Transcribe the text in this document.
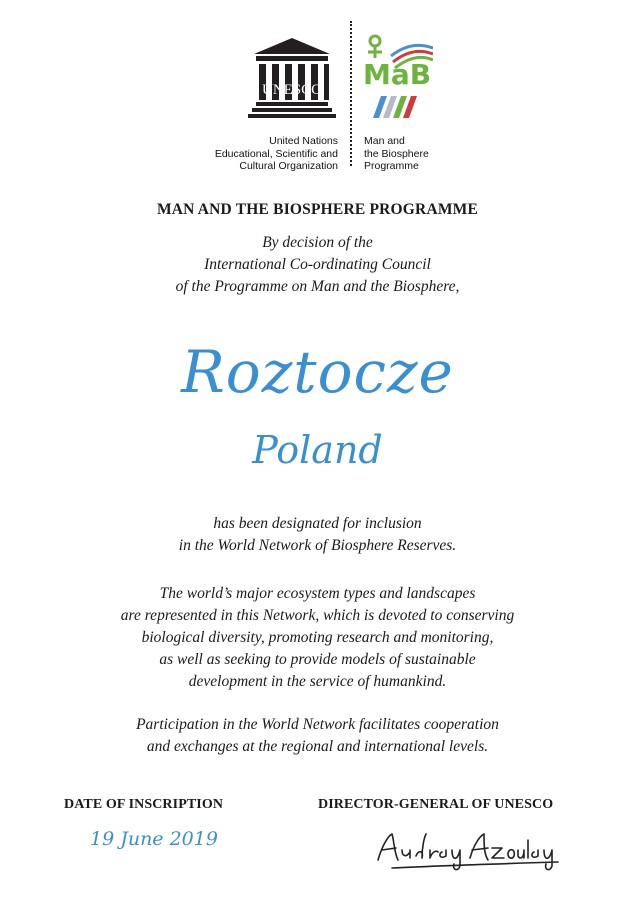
UNESCO
United Nations
Educational, Scientific and
Cultural Organization
MaB
Man and
the Biosphere
Programme
MAN AND THE BIOSPHERE PROGRAMME
By decision of the
International Co-ordinating Council
of the Programme on Man and the Biosphere,
Roztocze
Poland
has been designated for inclusion
in the World Network of Biosphere Reserves.
The world’s major ecosystem types and landscapes
are represented in this Network, which is devoted to conserving
biological diversity, promoting research and monitoring,
as well as seeking to provide models of sustainable
development in the service of humankind.
Participation in the World Network facilitates cooperation
and exchanges at the regional and international levels.
DATE OF INSCRIPTION	DIRECTOR-GENERAL OF UNESCO
19 June 2019
Audrey Azoulay
